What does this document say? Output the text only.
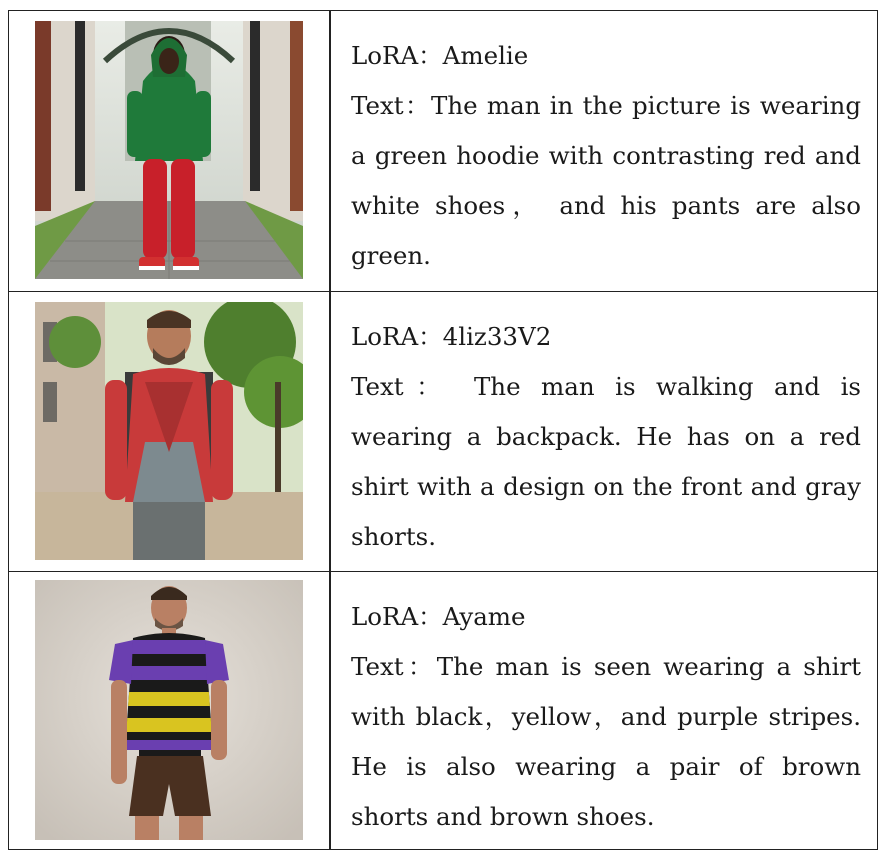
LoRA：Amelie
Text：The man in the picture is wearing
a green hoodie with contrasting red and
white shoes， and his pants are also
green.
LoRA：4liz33V2
Text： The man is walking and is
wearing a backpack. He has on a red
shirt with a design on the front and gray
shorts.
LoRA：Ayame
Text：The man is seen wearing a shirt
with black，yellow，and purple stripes.
He is also wearing a pair of brown
shorts and brown shoes.
